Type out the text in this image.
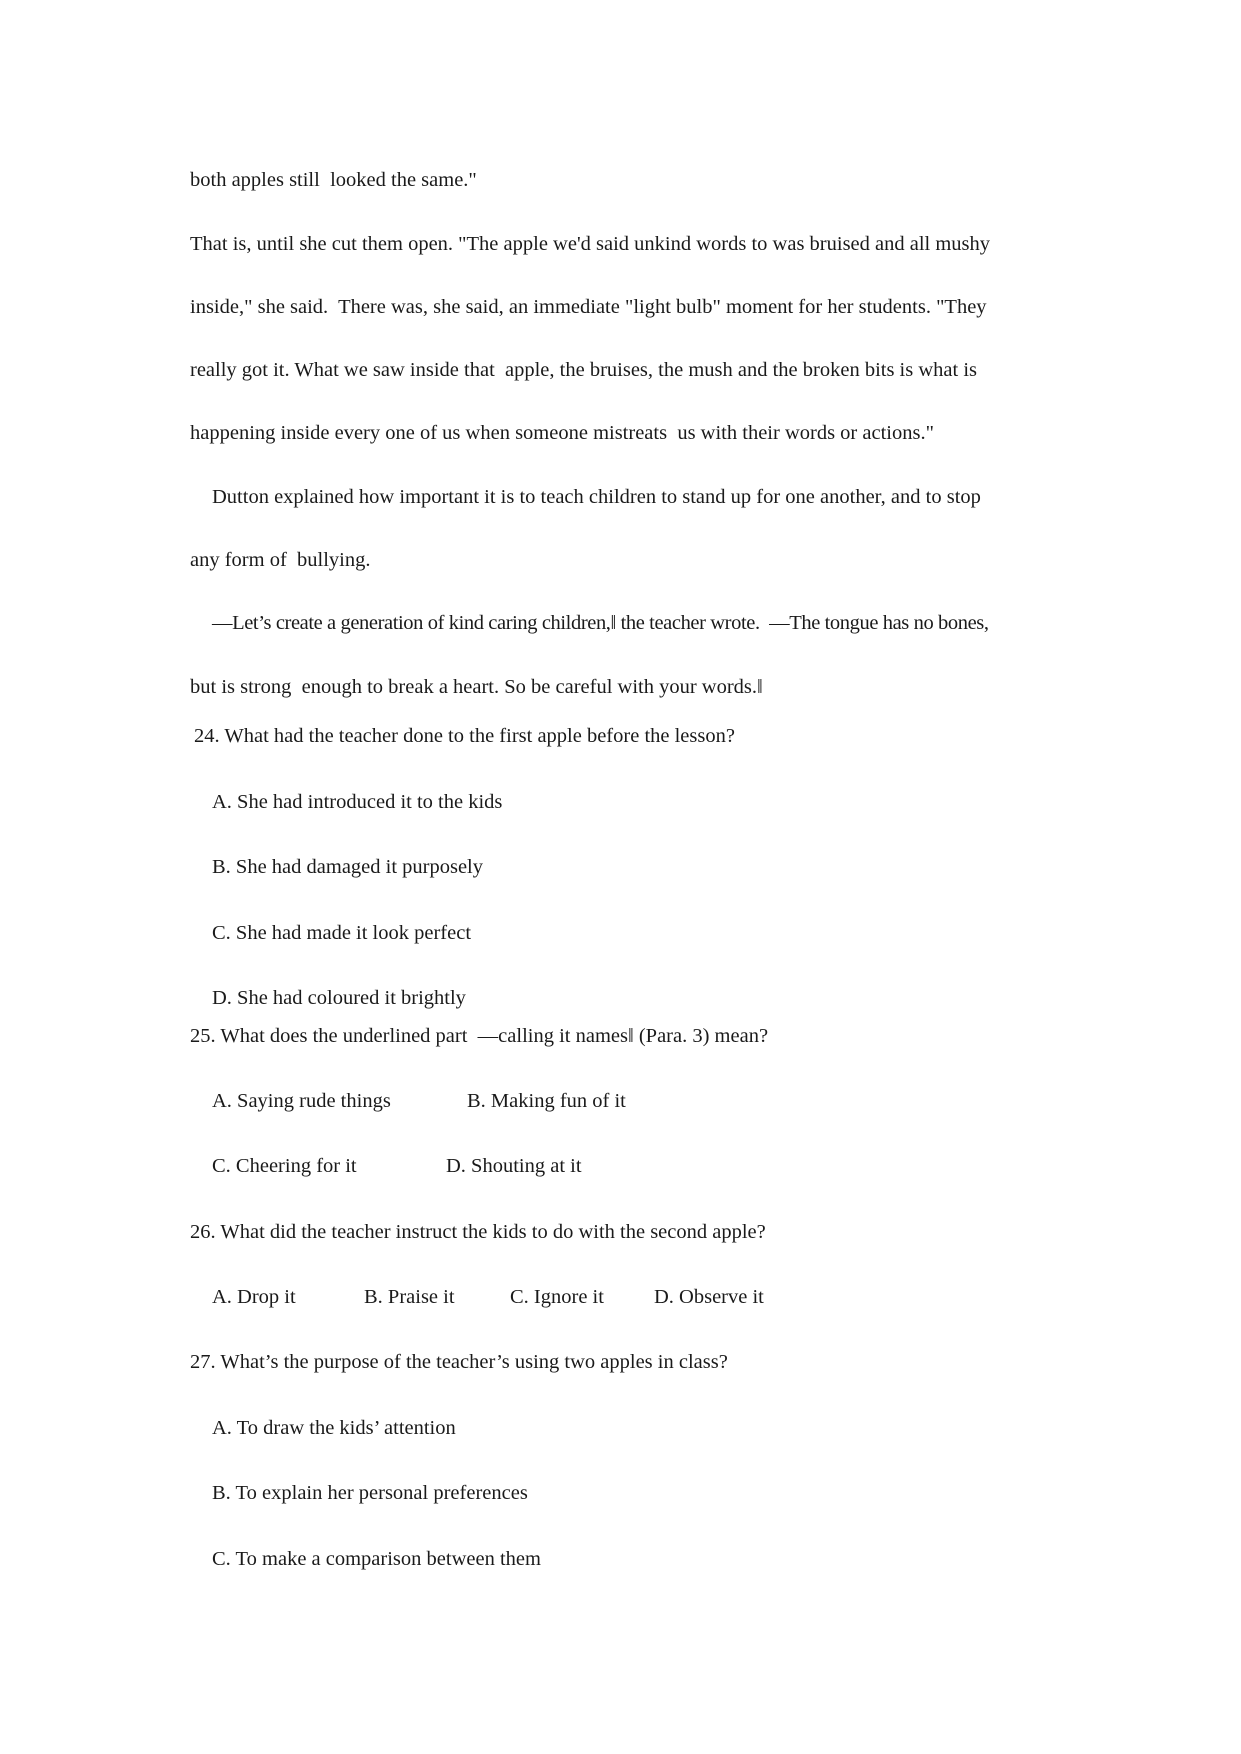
both apples still  looked the same."

That is, until she cut them open. "The apple we'd said unkind words to was bruised and all mushy

inside," she said.  There was, she said, an immediate "light bulb" moment for her students. "They

really got it. What we saw inside that  apple, the bruises, the mush and the broken bits is what is

happening inside every one of us when someone mistreats  us with their words or actions."

Dutton explained how important it is to teach children to stand up for one another, and to stop

any form of  bullying.

―Let’s create a generation of kind caring children,‖ the teacher wrote.  ―The tongue has no bones,

but is strong  enough to break a heart. So be careful with your words.‖

24. What had the teacher done to the first apple before the lesson?

A. She had introduced it to the kids

B. She had damaged it purposely

C. She had made it look perfect

D. She had coloured it brightly

25. What does the underlined part  ―calling it names‖ (Para. 3) mean?

A. Saying rude things	B. Making fun of it

C. Cheering for it	D. Shouting at it

26. What did the teacher instruct the kids to do with the second apple?

A. Drop it	B. Praise it	C. Ignore it D. Observe it

27. What’s the purpose of the teacher’s using two apples in class?

A. To draw the kids’ attention

B. To explain her personal preferences

C. To make a comparison between them
